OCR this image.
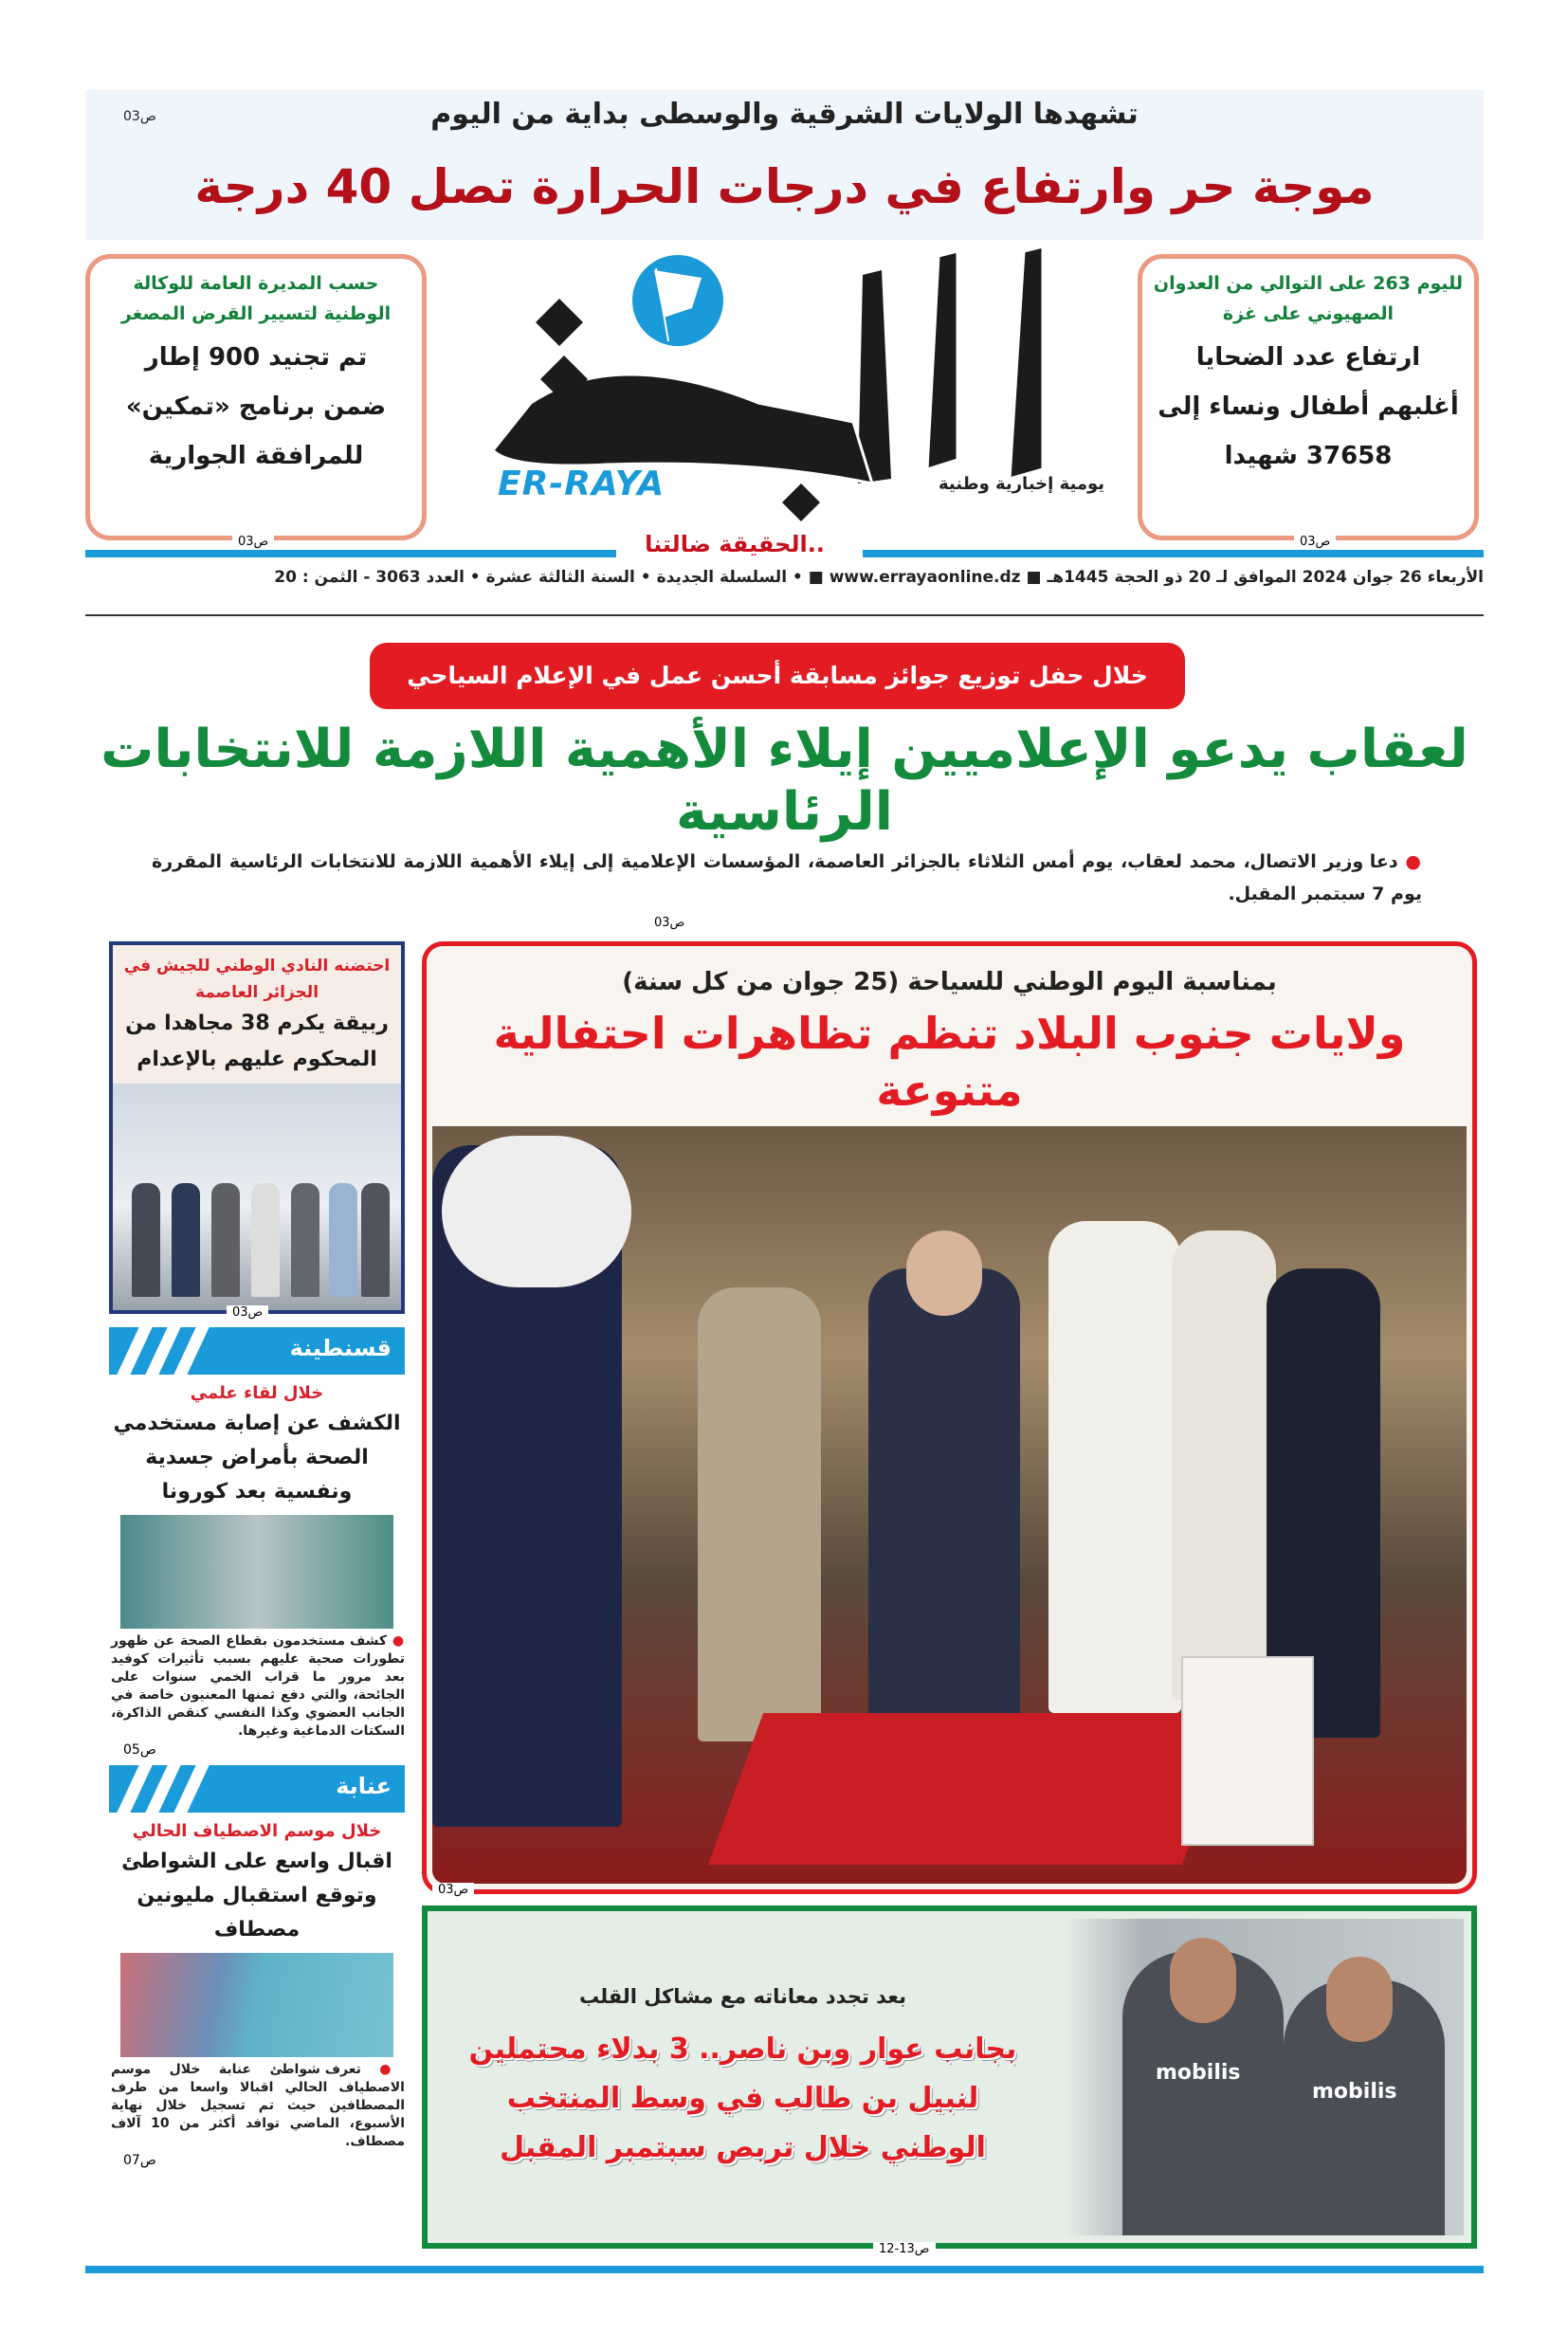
تشهدها الولايات الشرقية والوسطى بداية من اليوم
ص03
موجة حر وارتفاع في درجات الحرارة تصل 40 درجة
لليوم 263 على التوالي من العدوان الصهيوني على غزة
ارتفاع عدد الضحايا
أغلبهم أطفال ونساء إلى
37658 شهيدا
ص03
حسب المديرة العامة للوكالة الوطنية لتسيير القرض المصغر
تم تجنيد 900 إطار
ضمن برنامج «تمكين»
للمرافقة الجوارية
ص03
ER-RAYA	يومية إخبارية وطنية
..الحقيقة ضالتنا
الأربعاء 26 جوان 2024 الموافق لـ 20 ذو الحجة 1445هـ ■ www.errayaonline.dz ■ • السلسلة الجديدة • السنة الثالثة عشرة • العدد 3063 - الثمن : 20
خلال حفل توزيع جوائز مسابقة أحسن عمل في الإعلام السياحي
لعقاب يدعو الإعلاميين إيلاء الأهمية اللازمة للانتخابات الرئاسية
● دعا وزير الاتصال، محمد لعقاب، يوم أمس الثلاثاء بالجزائر العاصمة، المؤسسات الإعلامية إلى إيلاء الأهمية اللازمة للانتخابات الرئاسية المقررة يوم 7 سبتمبر المقبل.
ص03
احتضنه النادي الوطني للجيش في الجزائر العاصمة
ربيقة يكرم 38 مجاهدا من المحكوم عليهم بالإعدام
ص03
قسنطينة
خلال لقاء علمي
الكشف عن إصابة مستخدمي الصحة بأمراض جسدية ونفسية بعد كورونا
● كشف مستخدمون بقطاع الصحة عن ظهور تطورات صحية عليهم بسبب تأثيرات كوفيد بعد مرور ما قراب الخمي سنوات على الجائحة، والتي دفع ثمنها المعنيون خاصة في الجانب العضوي وكذا النفسي كنقص الذاكرة، السكتات الدماغية وغيرها.
ص05
عنابة
خلال موسم الاصطياف الحالي
اقبال واسع على الشواطئ وتوقع استقبال مليونين مصطاف
● تعرف شواطئ عنابة خلال موسم الاصطياف الحالي اقبالا واسعا من طرف المصطافين حيث تم تسجيل خلال نهاية الأسبوع، الماضي توافد أكثر من 10 آلاف مصطاف.
ص07
بمناسبة اليوم الوطني للسياحة (25 جوان من كل سنة)
ولايات جنوب البلاد تنظم تظاهرات احتفالية متنوعة
ص03
mobilis
mobilis
بعد تجدد معاناته مع مشاكل القلب
بجانب عوار وبن ناصر.. 3 بدلاء محتملين لنبيل بن طالب في وسط المنتخب الوطني خلال تربص سبتمبر المقبل
ص13-12
